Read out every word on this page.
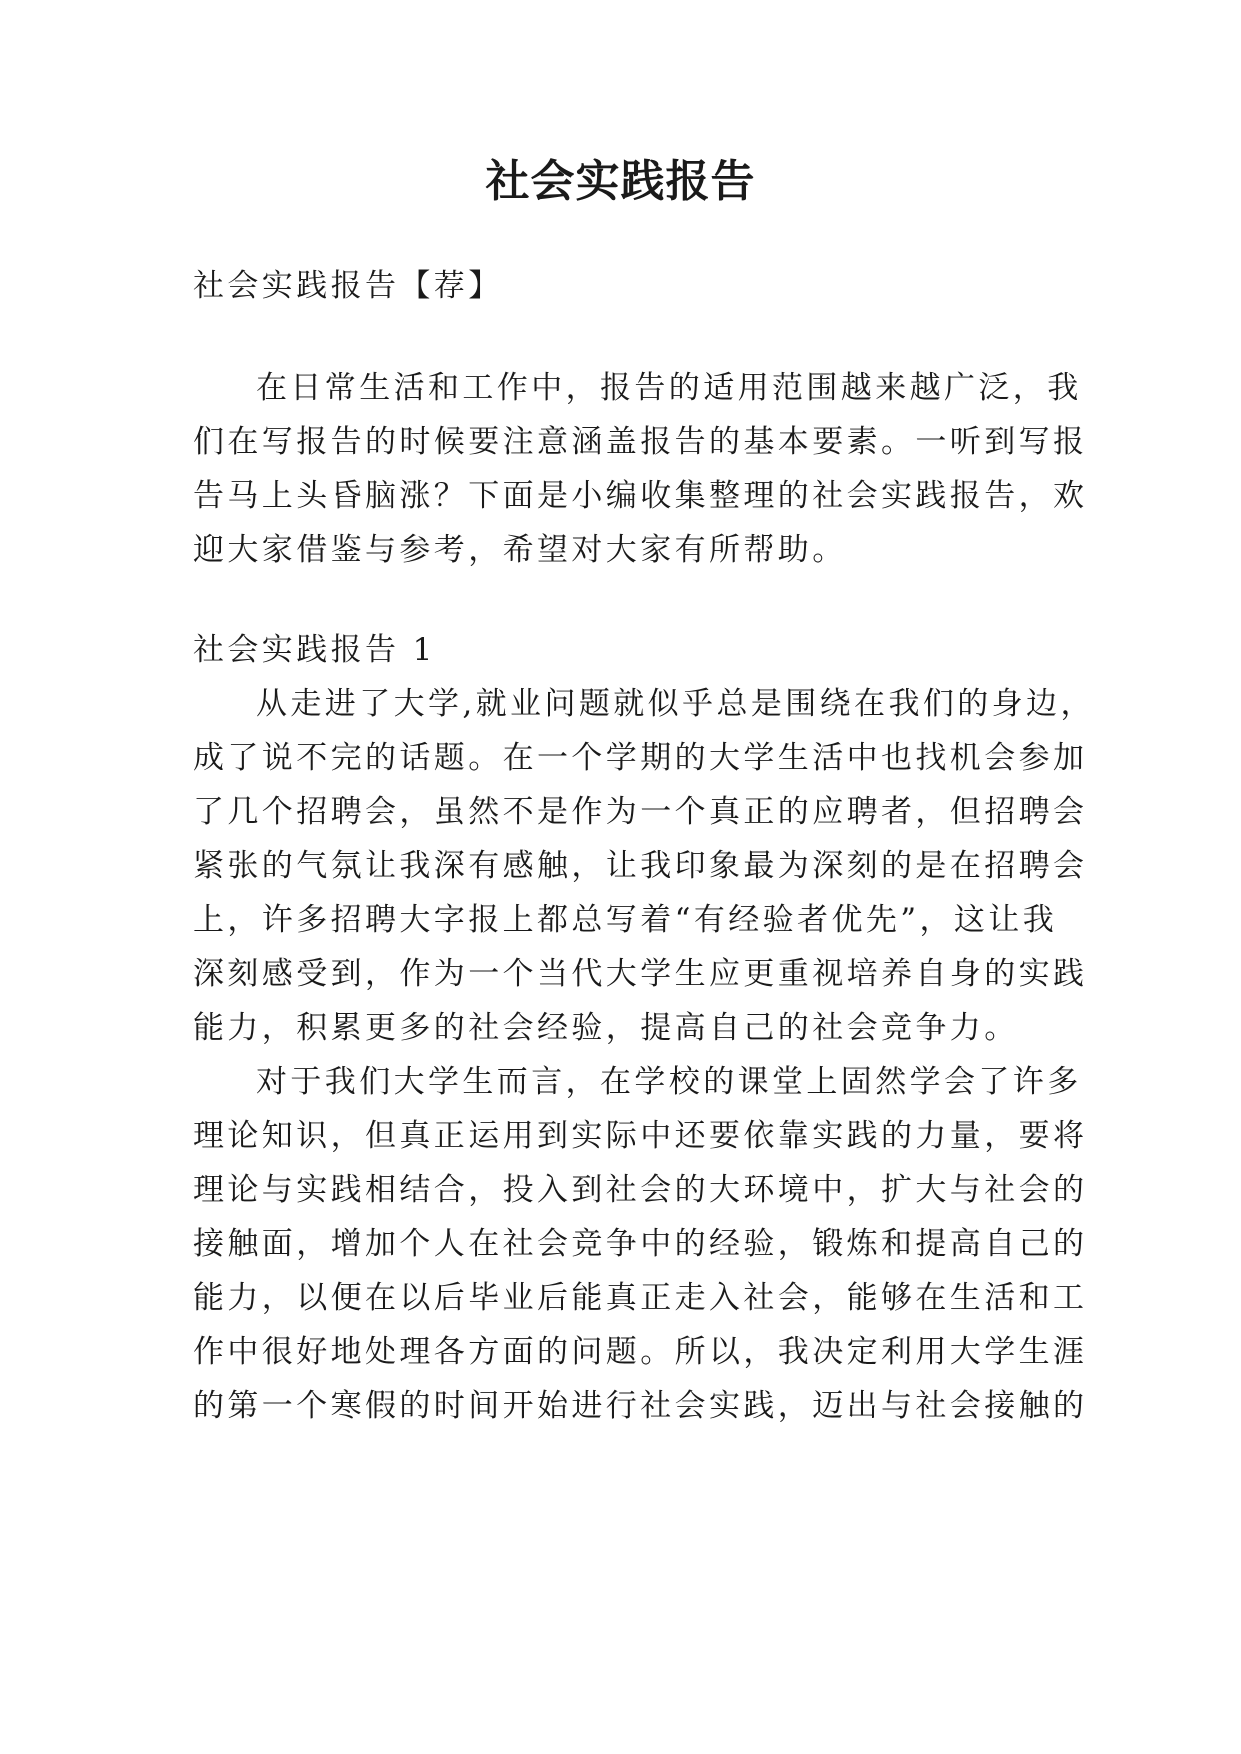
社会实践报告
社会实践报告【荐】
在日常生活和工作中，报告的适用范围越来越广泛，我
们在写报告的时候要注意涵盖报告的基本要素。一听到写报
告马上头昏脑涨？下面是小编收集整理的社会实践报告，欢
迎大家借鉴与参考，希望对大家有所帮助。
社会实践报告 1
从走进了大学,就业问题就似乎总是围绕在我们的身边，
成了说不完的话题。在一个学期的大学生活中也找机会参加
了几个招聘会，虽然不是作为一个真正的应聘者，但招聘会
紧张的气氛让我深有感触，让我印象最为深刻的是在招聘会
上，许多招聘大字报上都总写着“有经验者优先”，这让我
深刻感受到，作为一个当代大学生应更重视培养自身的实践
能力，积累更多的社会经验，提高自己的社会竞争力。
对于我们大学生而言，在学校的课堂上固然学会了许多
理论知识，但真正运用到实际中还要依靠实践的力量，要将
理论与实践相结合，投入到社会的大环境中，扩大与社会的
接触面，增加个人在社会竞争中的经验，锻炼和提高自己的
能力，以便在以后毕业后能真正走入社会，能够在生活和工
作中很好地处理各方面的问题。所以，我决定利用大学生涯
的第一个寒假的时间开始进行社会实践，迈出与社会接触的
